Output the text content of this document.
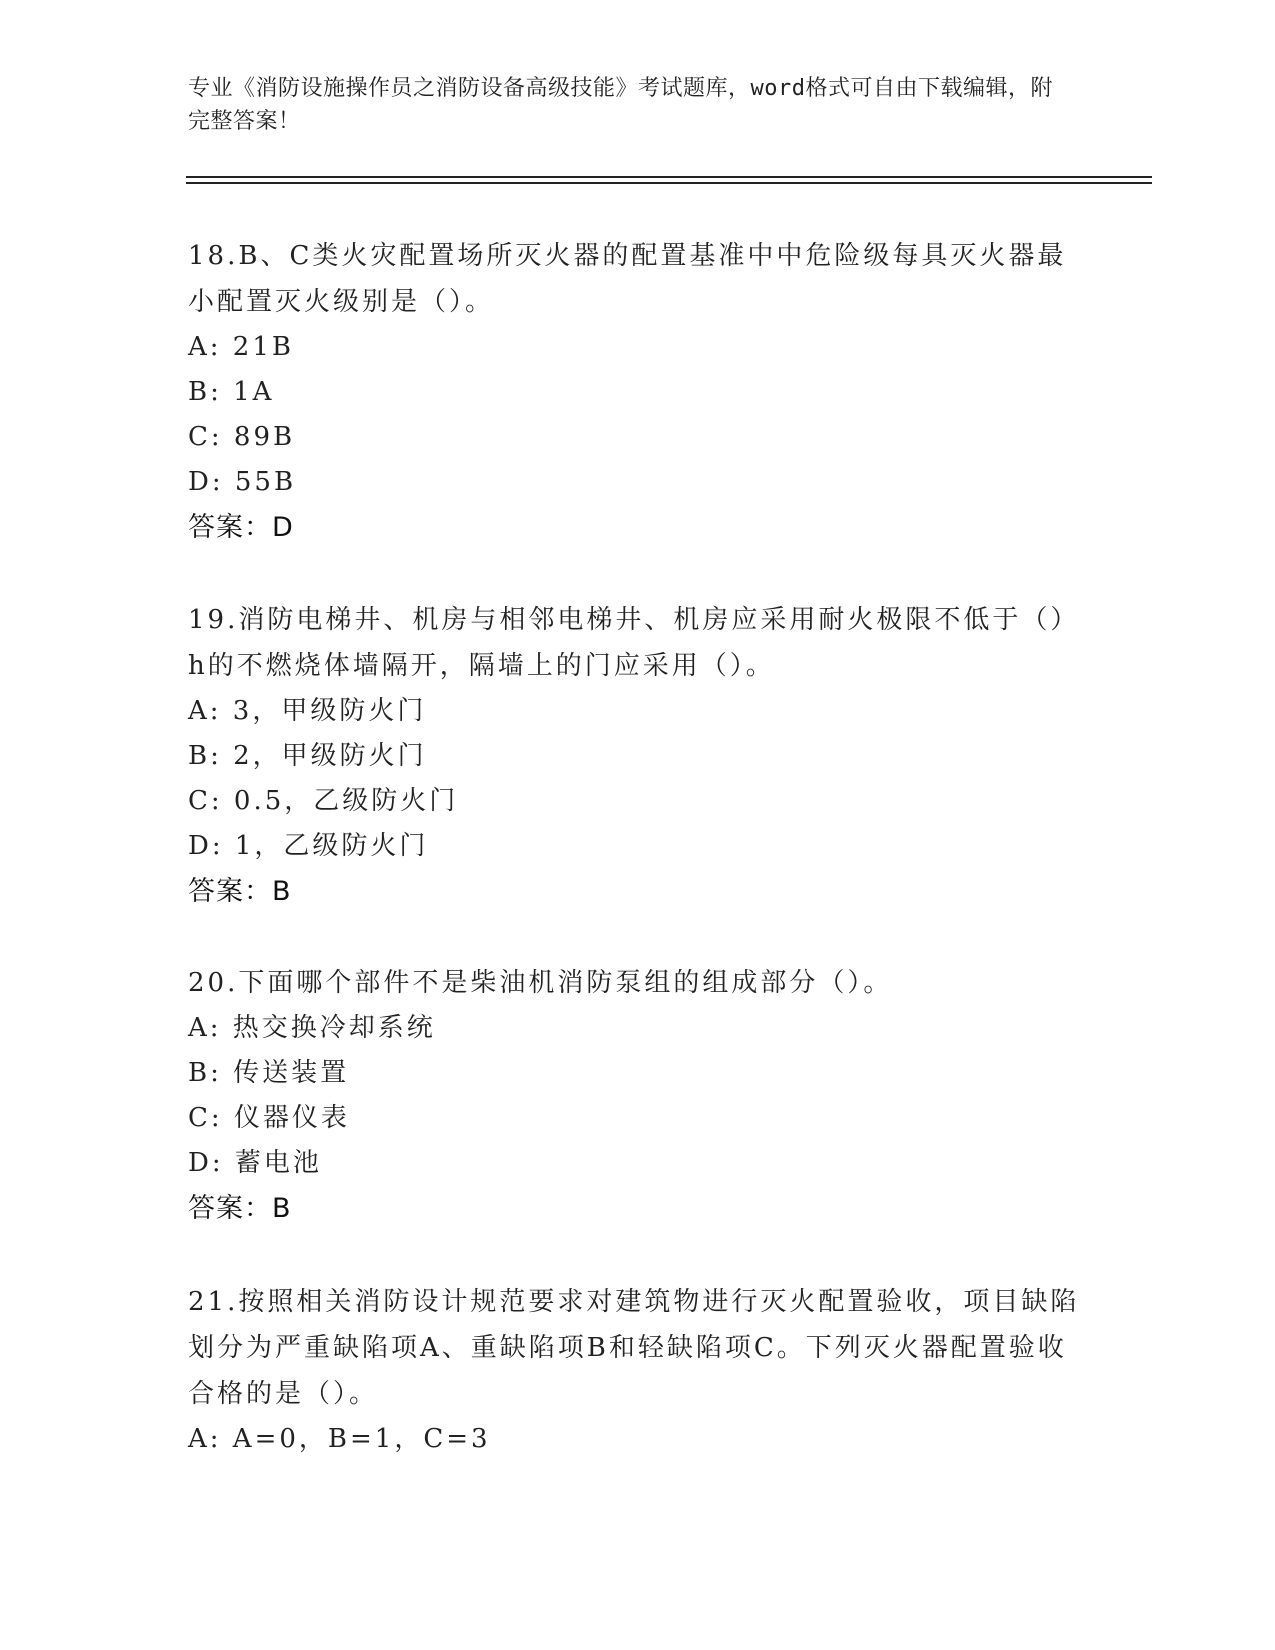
专业《消防设施操作员之消防设备高级技能》考试题库，word格式可自由下载编辑，附完整答案！
18.B、C类火灾配置场所灭火器的配置基准中中危险级每具灭火器最小配置灭火级别是（）。
A: 21B
B: 1A
C: 89B
D: 55B
答案：D
19.消防电梯井、机房与相邻电梯井、机房应采用耐火极限不低于（）h的不燃烧体墙隔开，隔墙上的门应采用（）。
A: 3，甲级防火门
B: 2，甲级防火门
C: 0.5，乙级防火门
D: 1，乙级防火门
答案：B
20.下面哪个部件不是柴油机消防泵组的组成部分（）。
A: 热交换冷却系统
B: 传送装置
C: 仪器仪表
D: 蓄电池
答案：B
21.按照相关消防设计规范要求对建筑物进行灭火配置验收，项目缺陷划分为严重缺陷项A、重缺陷项B和轻缺陷项C。下列灭火器配置验收合格的是（）。
A: A=0，B=1，C=3
